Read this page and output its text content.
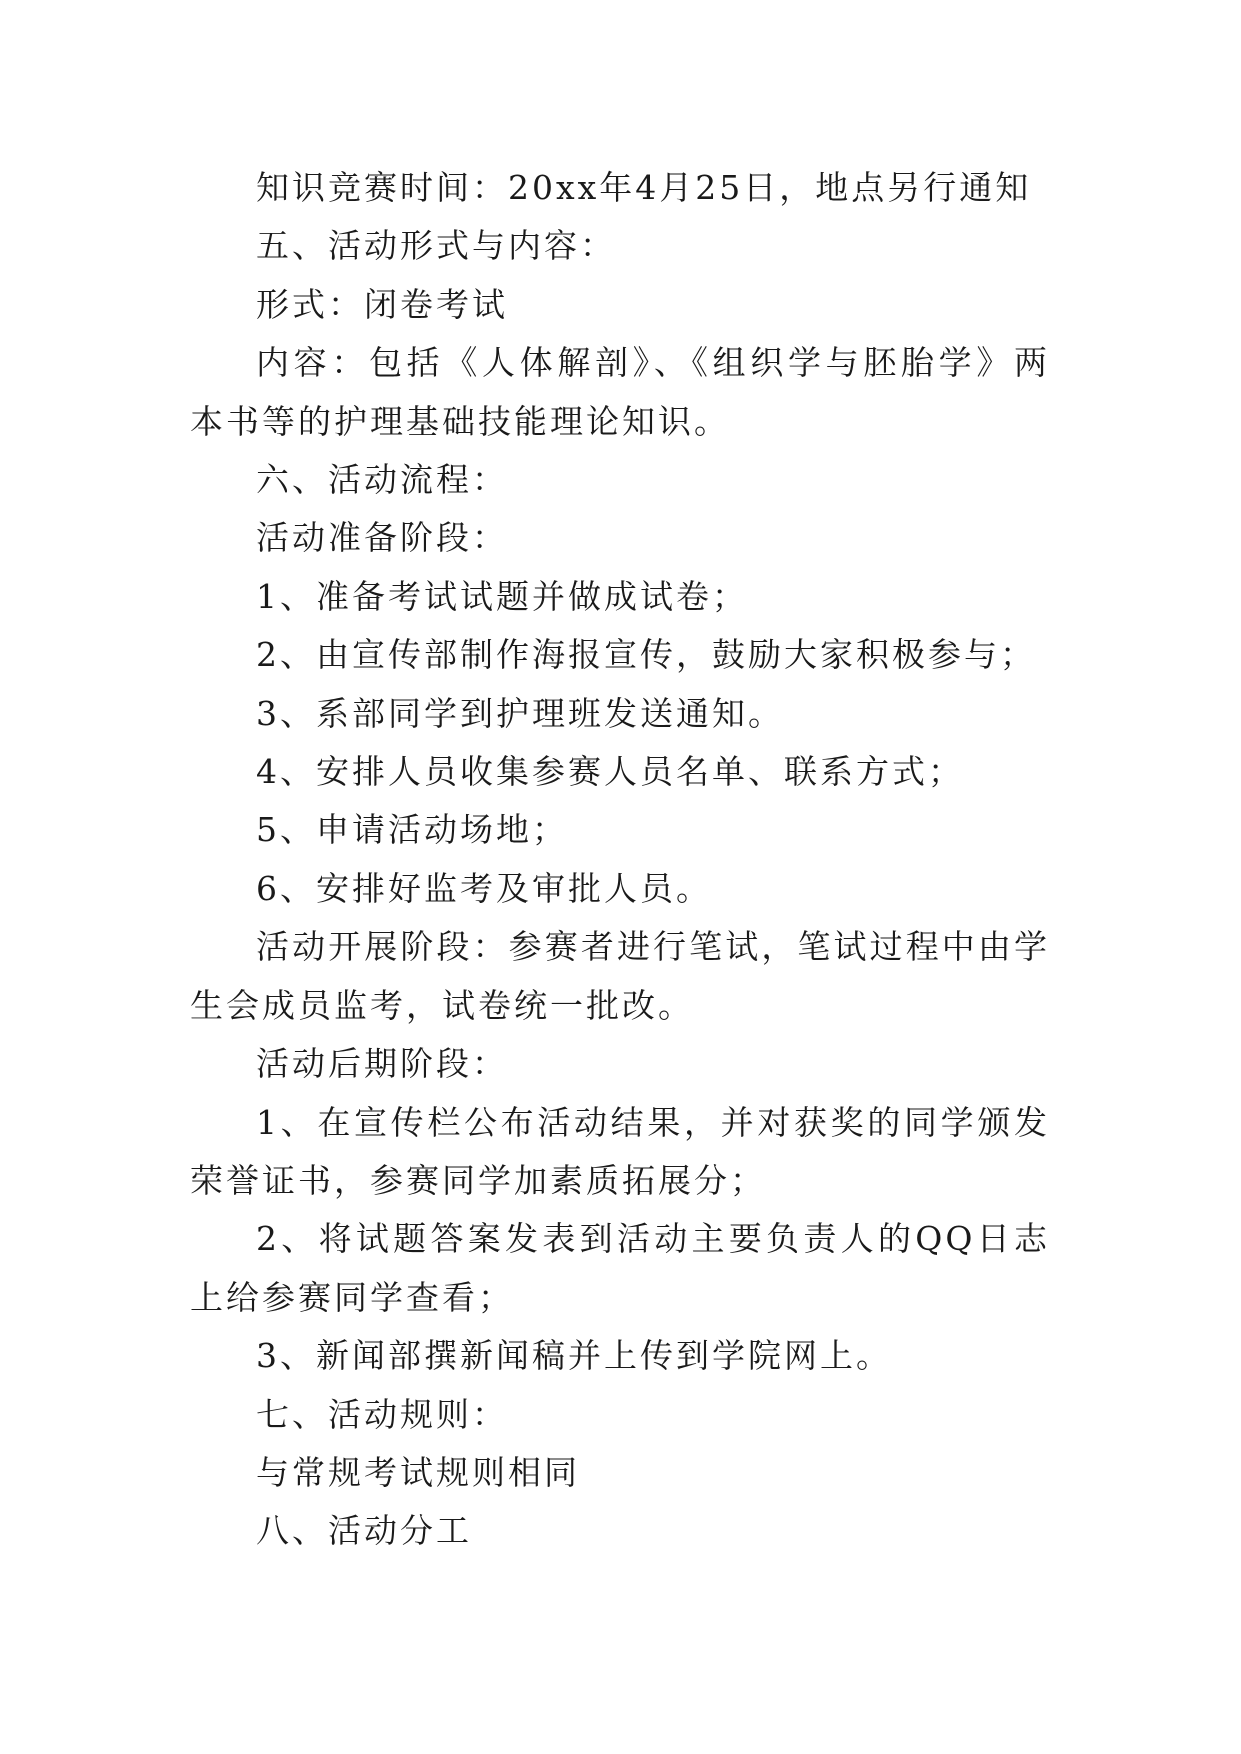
知识竞赛时间：20xx年4月25日，地点另行通知

五、活动形式与内容：

形式：闭卷考试

内容：包括《人体解剖》、《组织学与胚胎学》两本书等的护理基础技能理论知识。

六、活动流程：

活动准备阶段：

1、准备考试试题并做成试卷；

2、由宣传部制作海报宣传，鼓励大家积极参与；

3、系部同学到护理班发送通知。

4、安排人员收集参赛人员名单、联系方式；

5、申请活动场地；

6、安排好监考及审批人员。

活动开展阶段：参赛者进行笔试，笔试过程中由学生会成员监考，试卷统一批改。

活动后期阶段：

1、在宣传栏公布活动结果，并对获奖的同学颁发荣誉证书，参赛同学加素质拓展分；

2、将试题答案发表到活动主要负责人的QQ日志上给参赛同学查看；

3、新闻部撰新闻稿并上传到学院网上。

七、活动规则：

与常规考试规则相同

八、活动分工
